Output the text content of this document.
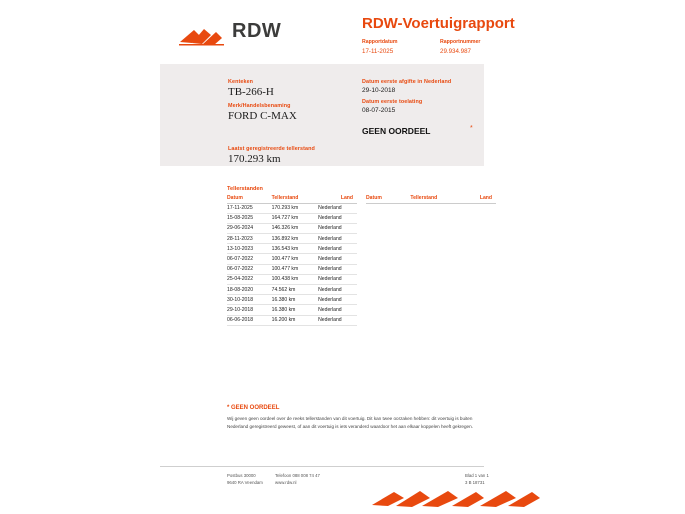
RDW	RDW-Voertuigrapport
Rapportdatum	Rapportnummer
17-11-2025	29.934.987
Kenteken
TB-266-H
Merk/Handelsbenaming
FORD C-MAX
Laatst geregistreerde tellerstand
170.293 km
Datum eerste afgifte in Nederland
29-10-2018
Datum eerste toelating
08-07-2015
GEEN OORDEEL	*
Tellerstanden
Datum	Tellerstand	Land
17-11-2025	170.293 km	Nederland
15-08-2025	164.727 km	Nederland
29-06-2024	146.326 km	Nederland
28-11-2023	136.892 km	Nederland
13-10-2023	136.543 km	Nederland
06-07-2022	100.477 km	Nederland
06-07-2022	100.477 km	Nederland
25-04-2022	100.438 km	Nederland
18-08-2020	74.562 km	Nederland
30-10-2018	16.380 km	Nederland
29-10-2018	16.380 km	Nederland
06-06-2018	16.200 km	Nederland
Datum	Tellerstand	Land
* GEEN OORDEEL
Wij geven geen oordeel over de reeks tellerstanden van dit voertuig. Dit kan twee oorzaken hebben: dit voertuig is buiten Nederland geregistreerd geweest, of aan dit voertuig is iets veranderd waardoor het aan elkaar koppelen heeft gekregen.
Postbus 30000
9640 RA Veendam
Telefoon 088 008 74 47
www.rdw.nl
Blad 1 van 1
3 B 18731
